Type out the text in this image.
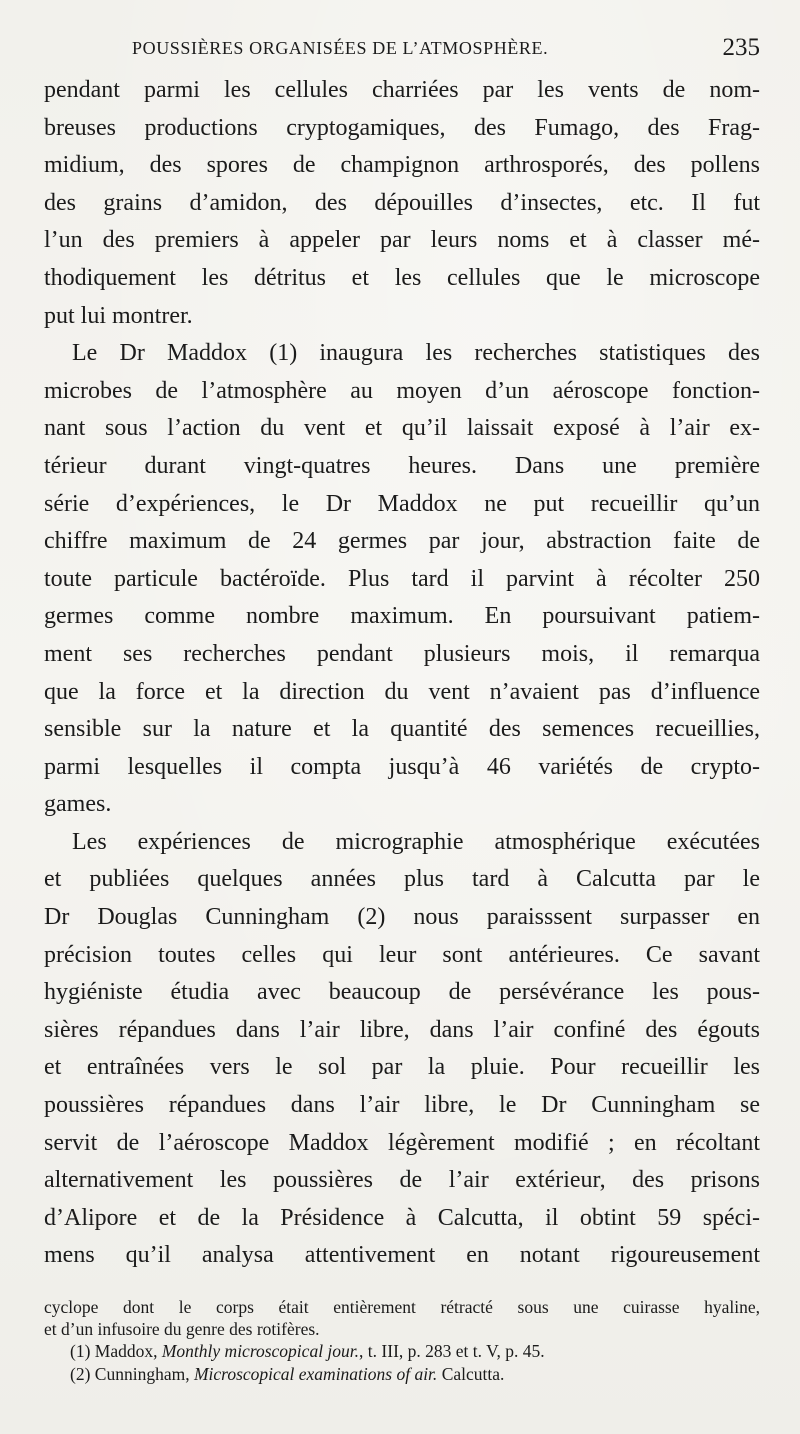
POUSSIÈRES ORGANISÉES DE L’ATMOSPHÈRE.	235
pendant parmi les cellules charriées par les vents de nom-
breuses productions cryptogamiques, des Fumago, des Frag-
midium, des spores de champignon arthrosporés, des pollens
des grains d’amidon, des dépouilles d’insectes, etc. Il fut
l’un des premiers à appeler par leurs noms et à classer mé-
thodiquement les détritus et les cellules que le microscope
put lui montrer.
Le Dr Maddox (1) inaugura les recherches statistiques des
microbes de l’atmosphère au moyen d’un aéroscope fonction-
nant sous l’action du vent et qu’il laissait exposé à l’air ex-
térieur durant vingt-quatres heures. Dans une première
série d’expériences, le Dr Maddox ne put recueillir qu’un
chiffre maximum de 24 germes par jour, abstraction faite de
toute particule bactéroïde. Plus tard il parvint à récolter 250
germes comme nombre maximum. En poursuivant patiem-
ment ses recherches pendant plusieurs mois, il remarqua
que la force et la direction du vent n’avaient pas d’influence
sensible sur la nature et la quantité des semences recueillies,
parmi lesquelles il compta jusqu’à 46 variétés de crypto-
games.
Les expériences de micrographie atmosphérique exécutées
et publiées quelques années plus tard à Calcutta par le
Dr Douglas Cunningham (2) nous paraisssent surpasser en
précision toutes celles qui leur sont antérieures. Ce savant
hygiéniste étudia avec beaucoup de persévérance les pous-
sières répandues dans l’air libre, dans l’air confiné des égouts
et entraînées vers le sol par la pluie. Pour recueillir les
poussières répandues dans l’air libre, le Dr Cunningham se
servit de l’aéroscope Maddox légèrement modifié ; en récoltant
alternativement les poussières de l’air extérieur, des prisons
d’Alipore et de la Présidence à Calcutta, il obtint 59 spéci-
mens qu’il analysa attentivement en notant rigoureusement
cyclope dont le corps était entièrement rétracté sous une cuirasse hyaline,
et d’un infusoire du genre des rotifères.
(1) Maddox, Monthly microscopical jour., t. III, p. 283 et t. V, p. 45.
(2) Cunningham, Microscopical examinations of air. Calcutta.
